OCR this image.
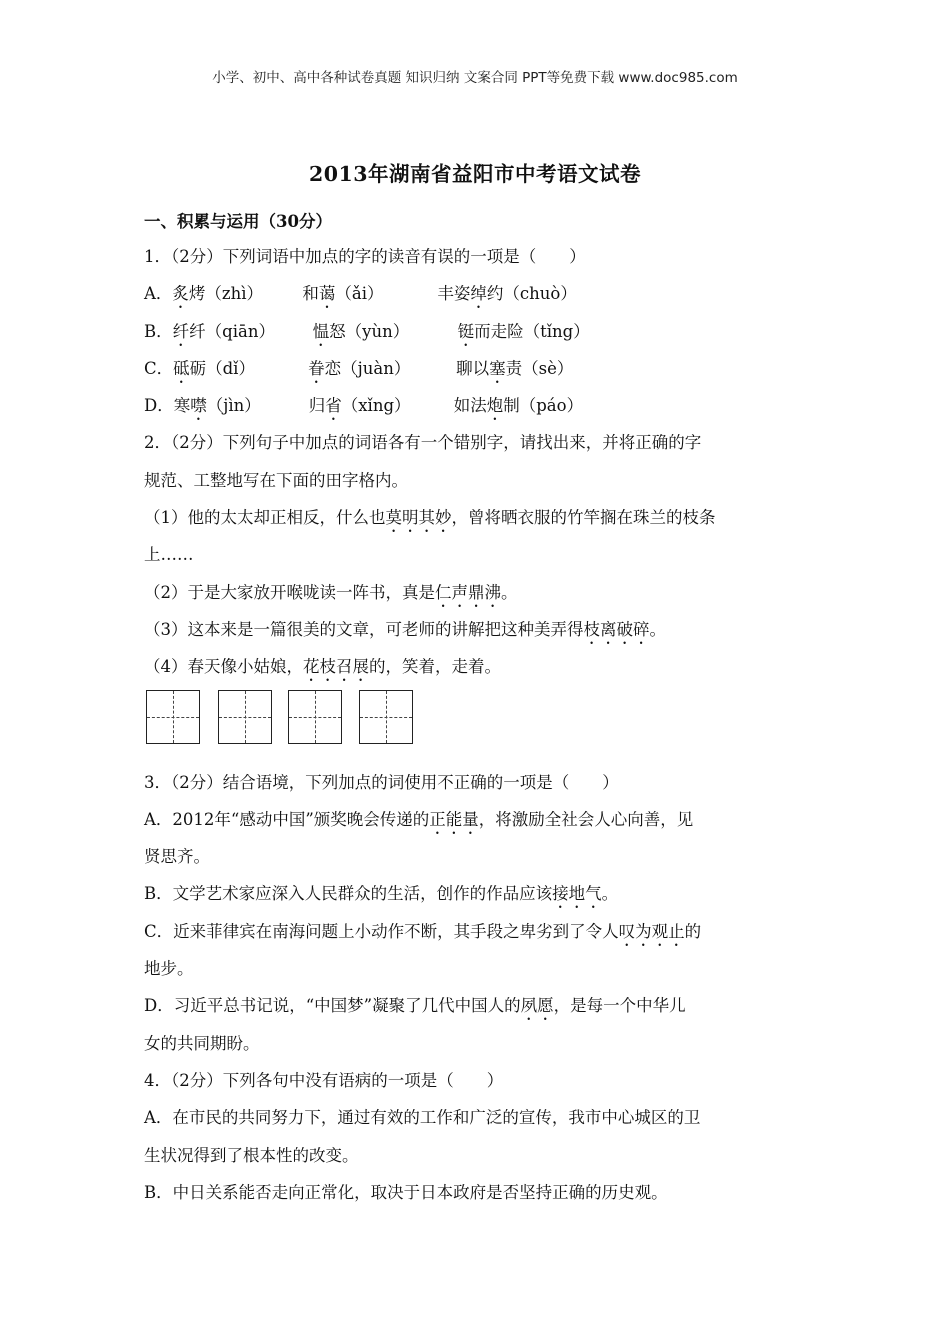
小学、初中、高中各种试卷真题 知识归纳 文案合同 PPT等免费下载 www.doc985.com
2013年湖南省益阳市中考语文试卷
一、积累与运用（30分）
1．（2分）下列词语中加点的字的读音有误的一项是（　　）
A．炙烤（zhì） 和蔼（ǎi）	丰姿绰约（chuò）
B．纤纤（qiān） 愠怒（yùn）	铤而走险（tǐng）
C．砥砺（dǐ）	眷恋（juàn）	聊以塞责（sè）
D．寒噤（jìn）	归省（xǐng）	如法炮制（páo）
2．（2分）下列句子中加点的词语各有一个错别字，请找出来，并将正确的字
规范、工整地写在下面的田字格内。
（1）他的太太却正相反，什么也莫明其妙，曾将晒衣服的竹竿搁在珠兰的枝条
上……
（2）于是大家放开喉咙读一阵书，真是仁声鼎沸。
（3）这本来是一篇很美的文章，可老师的讲解把这种美弄得枝离破碎。
（4）春天像小姑娘，花枝召展的，笑着，走着。
3．（2分）结合语境，下列加点的词使用不正确的一项是（　　）
A．2012年“感动中国”颁奖晚会传递的正能量，将激励全社会人心向善，见
贤思齐。
B．文学艺术家应深入人民群众的生活，创作的作品应该接地气。
C．近来菲律宾在南海问题上小动作不断，其手段之卑劣到了令人叹为观止的
地步。
D．习近平总书记说，“中国梦”凝聚了几代中国人的夙愿，是每一个中华儿
女的共同期盼。
4．（2分）下列各句中没有语病的一项是（　　）
A．在市民的共同努力下，通过有效的工作和广泛的宣传，我市中心城区的卫
生状况得到了根本性的改变。
B．中日关系能否走向正常化，取决于日本政府是否坚持正确的历史观。
